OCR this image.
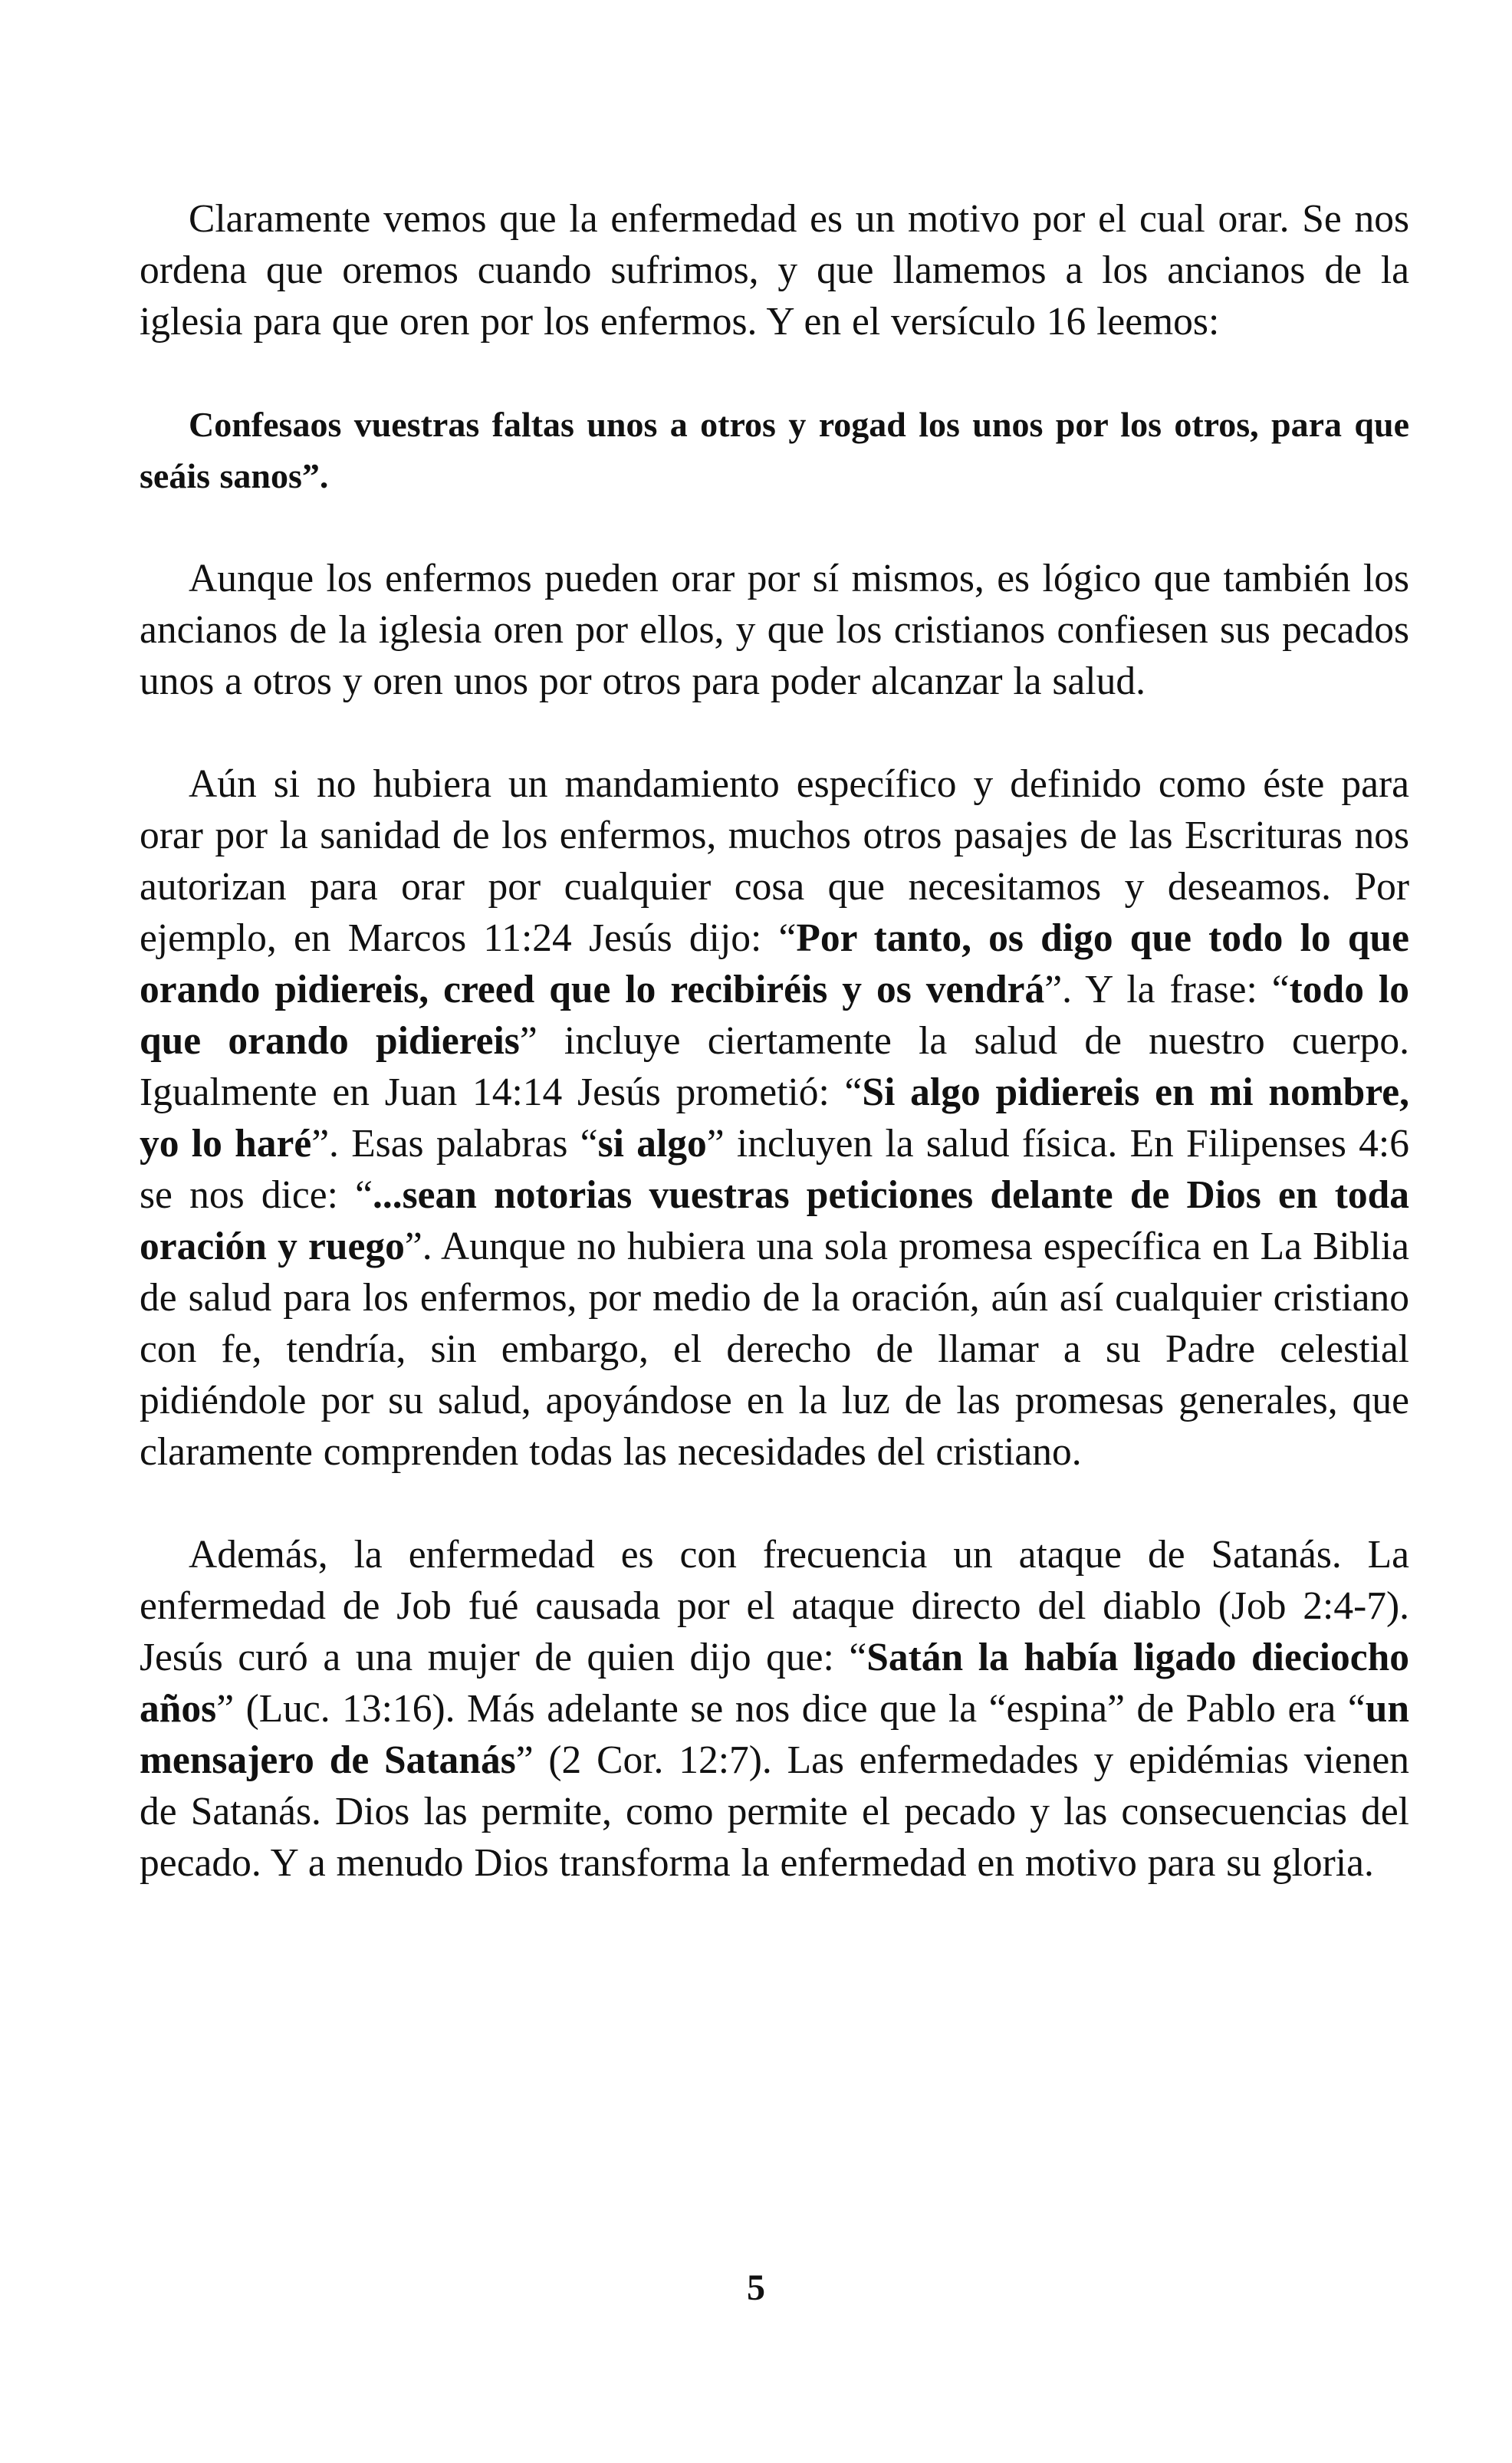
Claramente vemos que la enfermedad es un motivo por el cual orar. Se nos ordena que oremos cuando sufrimos, y que llamemos a los ancianos de la iglesia para que oren por los enfermos. Y en el versículo 16 leemos:

Confesaos vuestras faltas unos a otros y rogad los unos por los otros, para que seáis sanos”.

Aunque los enfermos pueden orar por sí mismos, es lógico que también los ancianos de la iglesia oren por ellos, y que los cristianos confiesen sus pecados unos a otros y oren unos por otros para poder alcanzar la salud.

Aún si no hubiera un mandamiento específico y definido como éste para orar por la sanidad de los enfermos, muchos otros pasajes de las Escrituras nos autorizan para orar por cualquier cosa que necesitamos y deseamos. Por ejemplo, en Marcos 11:24 Jesús dijo: “Por tanto, os digo que todo lo que orando pidiereis, creed que lo recibiréis y os vendrá”. Y la frase: “todo lo que orando pidiereis” incluye ciertamente la salud de nuestro cuerpo. Igualmente en Juan 14:14 Jesús prometió: “Si algo pidiereis en mi nombre, yo lo haré”. Esas palabras “si algo” incluyen la salud física. En Filipenses 4:6 se nos dice: “...sean notorias vuestras peticiones delante de Dios en toda oración y ruego”. Aunque no hubiera una sola promesa específica en La Biblia de salud para los enfermos, por medio de la oración, aún así cualquier cristiano con fe, tendría, sin embargo, el derecho de llamar a su Padre celestial pidiéndole por su salud, apoyándose en la luz de las promesas generales, que claramente comprenden todas las necesidades del cristiano.

Además, la enfermedad es con frecuencia un ataque de Satanás. La enfermedad de Job fué causada por el ataque directo del diablo (Job 2:4-7). Jesús curó a una mujer de quien dijo que: “Satán la había ligado dieciocho años” (Luc. 13:16). Más adelante se nos dice que la “espina” de Pablo era “un mensajero de Satanás” (2 Cor. 12:7). Las enfermedades y epidémias vienen de Satanás. Dios las permite, como permite el pecado y las consecuencias del pecado. Y a menudo Dios transforma la enfermedad en motivo para su gloria.

5
